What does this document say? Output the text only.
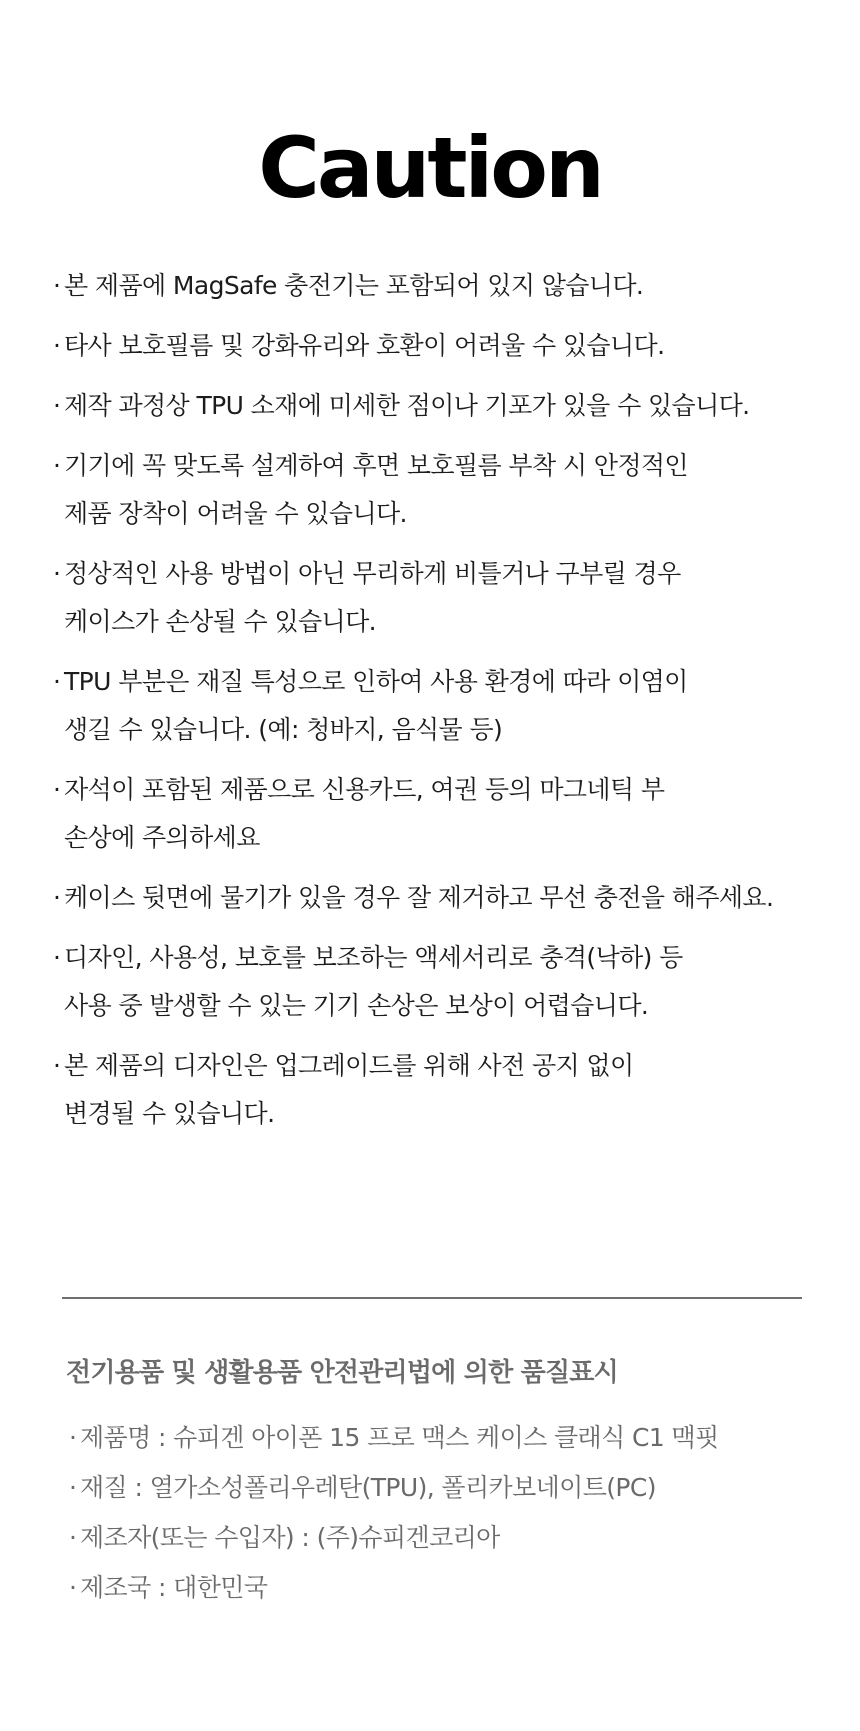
Caution
· 본 제품에 MagSafe 충전기는 포함되어 있지 않습니다.
· 타사 보호필름 및 강화유리와 호환이 어려울 수 있습니다.
· 제작 과정상 TPU 소재에 미세한 점이나 기포가 있을 수 있습니다.
· 기기에 꼭 맞도록 설계하여 후면 보호필름 부착 시 안정적인
제품 장착이 어려울 수 있습니다.
· 정상적인 사용 방법이 아닌 무리하게 비틀거나 구부릴 경우
케이스가 손상될 수 있습니다.
· TPU 부분은 재질 특성으로 인하여 사용 환경에 따라 이염이
생길 수 있습니다. (예: 청바지, 음식물 등)
· 자석이 포함된 제품으로 신용카드, 여권 등의 마그네틱 부
손상에 주의하세요
· 케이스 뒷면에 물기가 있을 경우 잘 제거하고 무선 충전을 해주세요.
· 디자인, 사용성, 보호를 보조하는 액세서리로 충격(낙하) 등
사용 중 발생할 수 있는 기기 손상은 보상이 어렵습니다.
· 본 제품의 디자인은 업그레이드를 위해 사전 공지 없이
변경될 수 있습니다.
전기용품 및 생활용품 안전관리법에 의한 품질표시
· 제품명 : 슈피겐 아이폰 15 프로 맥스 케이스 클래식 C1 맥핏
· 재질 : 열가소성폴리우레탄(TPU), 폴리카보네이트(PC)
· 제조자(또는 수입자) : (주)슈피겐코리아
· 제조국 : 대한민국
